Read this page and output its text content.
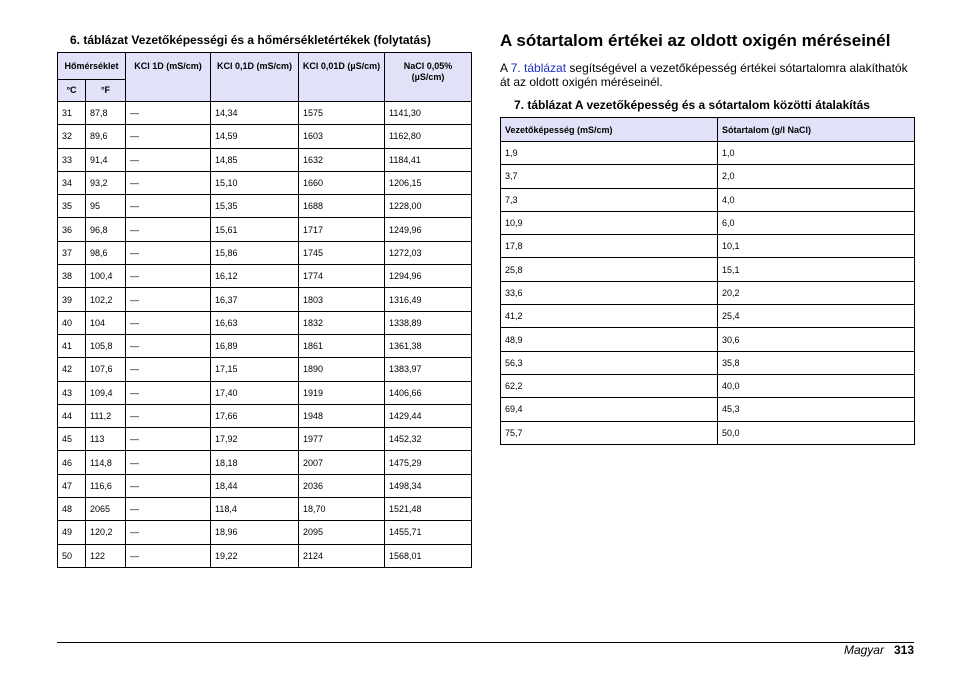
6. táblázat Vezetőképességi és a hőmérsékletértékek (folytatás)
Hőmérséklet		KCl 1D (mS/cm)	KCl 0,1D (mS/cm)	KCl 0,01D (µS/cm)	NaCl 0,05% (µS/cm)
°C	°F				
31	87,8	—	14,34	1575	1141,30
32	89,6	—	14,59	1603	1162,80
33	91,4	—	14,85	1632	1184,41
34	93,2	—	15,10	1660	1206,15
35	95	—	15,35	1688	1228,00
36	96,8	—	15,61	1717	1249,96
37	98,6	—	15,86	1745	1272,03
38	100,4	—	16,12	1774	1294,96
39	102,2	—	16,37	1803	1316,49
40	104	—	16,63	1832	1338,89
41	105,8	—	16,89	1861	1361,38
42	107,6	—	17,15	1890	1383,97
43	109,4	—	17,40	1919	1406,66
44	111,2	—	17,66	1948	1429,44
45	113	—	17,92	1977	1452,32
46	114,8	—	18,18	2007	1475,29
47	116,6	—	18,44	2036	1498,34
48	2065	—	118,4	18,70	1521,48
49	120,2	—	18,96	2095	1455,71
50	122	—	19,22	2124	1568,01
A sótartalom értékei az oldott oxigén méréseinél
A 7. táblázat segítségével a vezetőképesség értékei sótartalomra alakíthatók át az oldott oxigén méréseinél.
7. táblázat A vezetőképesség és a sótartalom közötti átalakítás
Vezetőképesség (mS/cm)	Sótartalom (g/l NaCl)
1,9	1,0
3,7	2,0
7,3	4,0
10,9	6,0
17,8	10,1
25,8	15,1
33,6	20,2
41,2	25,4
48,9	30,6
56,3	35,8
62,2	40,0
69,4	45,3
75,7	50,0
Magyar 313
